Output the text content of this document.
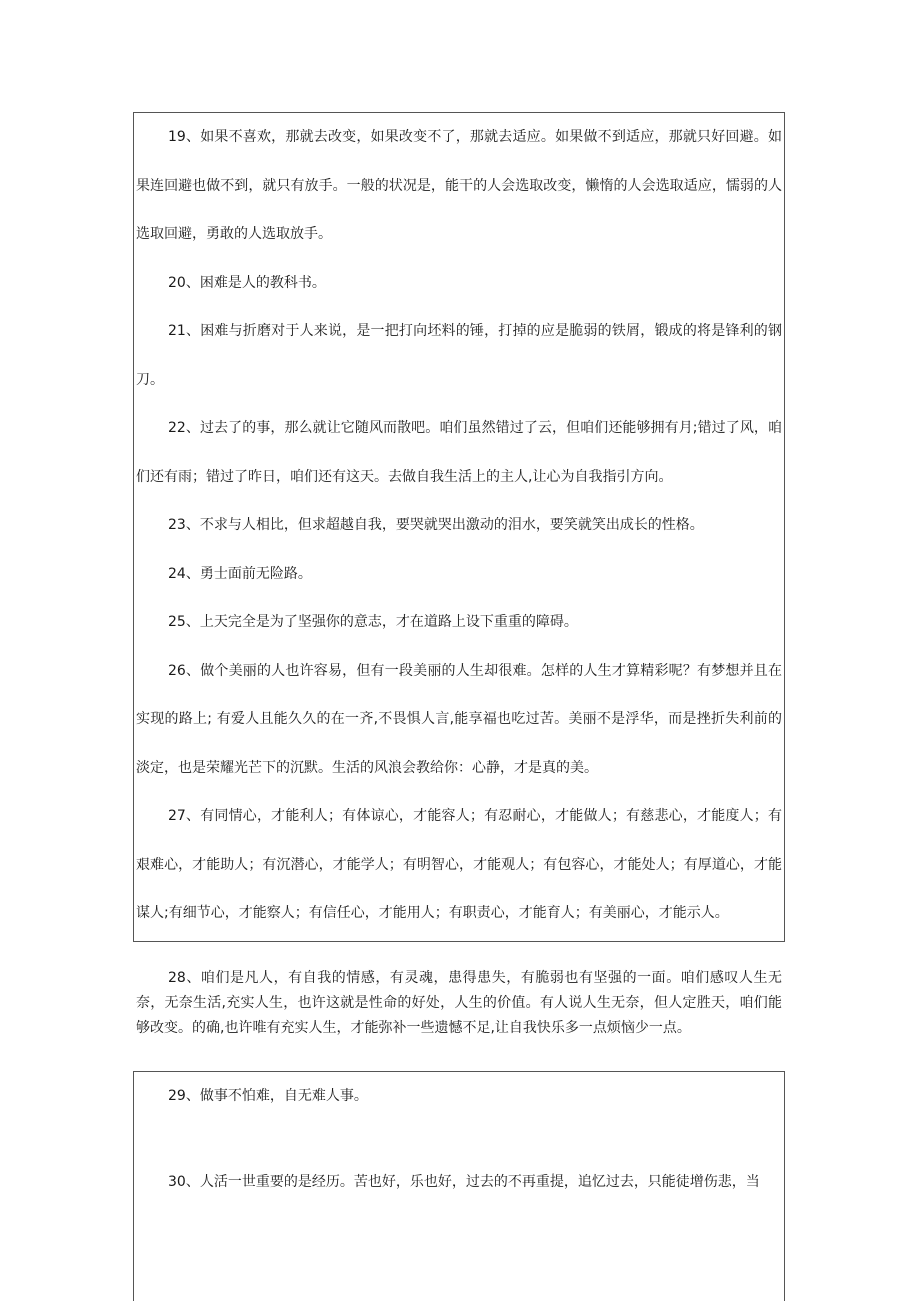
19、如果不喜欢，那就去改变，如果改变不了，那就去适应。如果做不到适应，那就只好回避。如果连回避也做不到，就只有放手。一般的状况是，能干的人会选取改变，懒惰的人会选取适应，懦弱的人选取回避，勇敢的人选取放手。

20、困难是人的教科书。

21、困难与折磨对于人来说，是一把打向坯料的锤，打掉的应是脆弱的铁屑，锻成的将是锋利的钢刀。

22、过去了的事，那么就让它随风而散吧。咱们虽然错过了云，但咱们还能够拥有月;错过了风，咱们还有雨；错过了昨日，咱们还有这天。去做自我生活上的主人,让心为自我指引方向。

23、不求与人相比，但求超越自我，要哭就哭出激动的泪水，要笑就笑出成长的性格。

24、勇士面前无险路。

25、上天完全是为了坚强你的意志，才在道路上设下重重的障碍。

26、做个美丽的人也许容易，但有一段美丽的人生却很难。怎样的人生才算精彩呢？有梦想并且在实现的路上; 有爱人且能久久的在一齐,不畏惧人言,能享福也吃过苦。美丽不是浮华，而是挫折失利前的淡定，也是荣耀光芒下的沉默。生活的风浪会教给你：心静，才是真的美。

27、有同情心，才能利人；有体谅心，才能容人；有忍耐心，才能做人；有慈悲心，才能度人；有艰难心，才能助人；有沉潜心，才能学人；有明智心，才能观人；有包容心，才能处人；有厚道心，才能谋人;有细节心，才能察人；有信任心，才能用人；有职责心，才能育人；有美丽心，才能示人。

28、咱们是凡人，有自我的情感，有灵魂，患得患失，有脆弱也有坚强的一面。咱们感叹人生无奈，无奈生活,充实人生，也许这就是性命的好处，人生的价值。有人说人生无奈，但人定胜天，咱们能够改变。的确,也许唯有充实人生，才能弥补一些遗憾不足,让自我快乐多一点烦恼少一点。

29、做事不怕难，自无难人事。

30、人活一世重要的是经历。苦也好，乐也好，过去的不再重提，追忆过去，只能徒增伤悲，当
